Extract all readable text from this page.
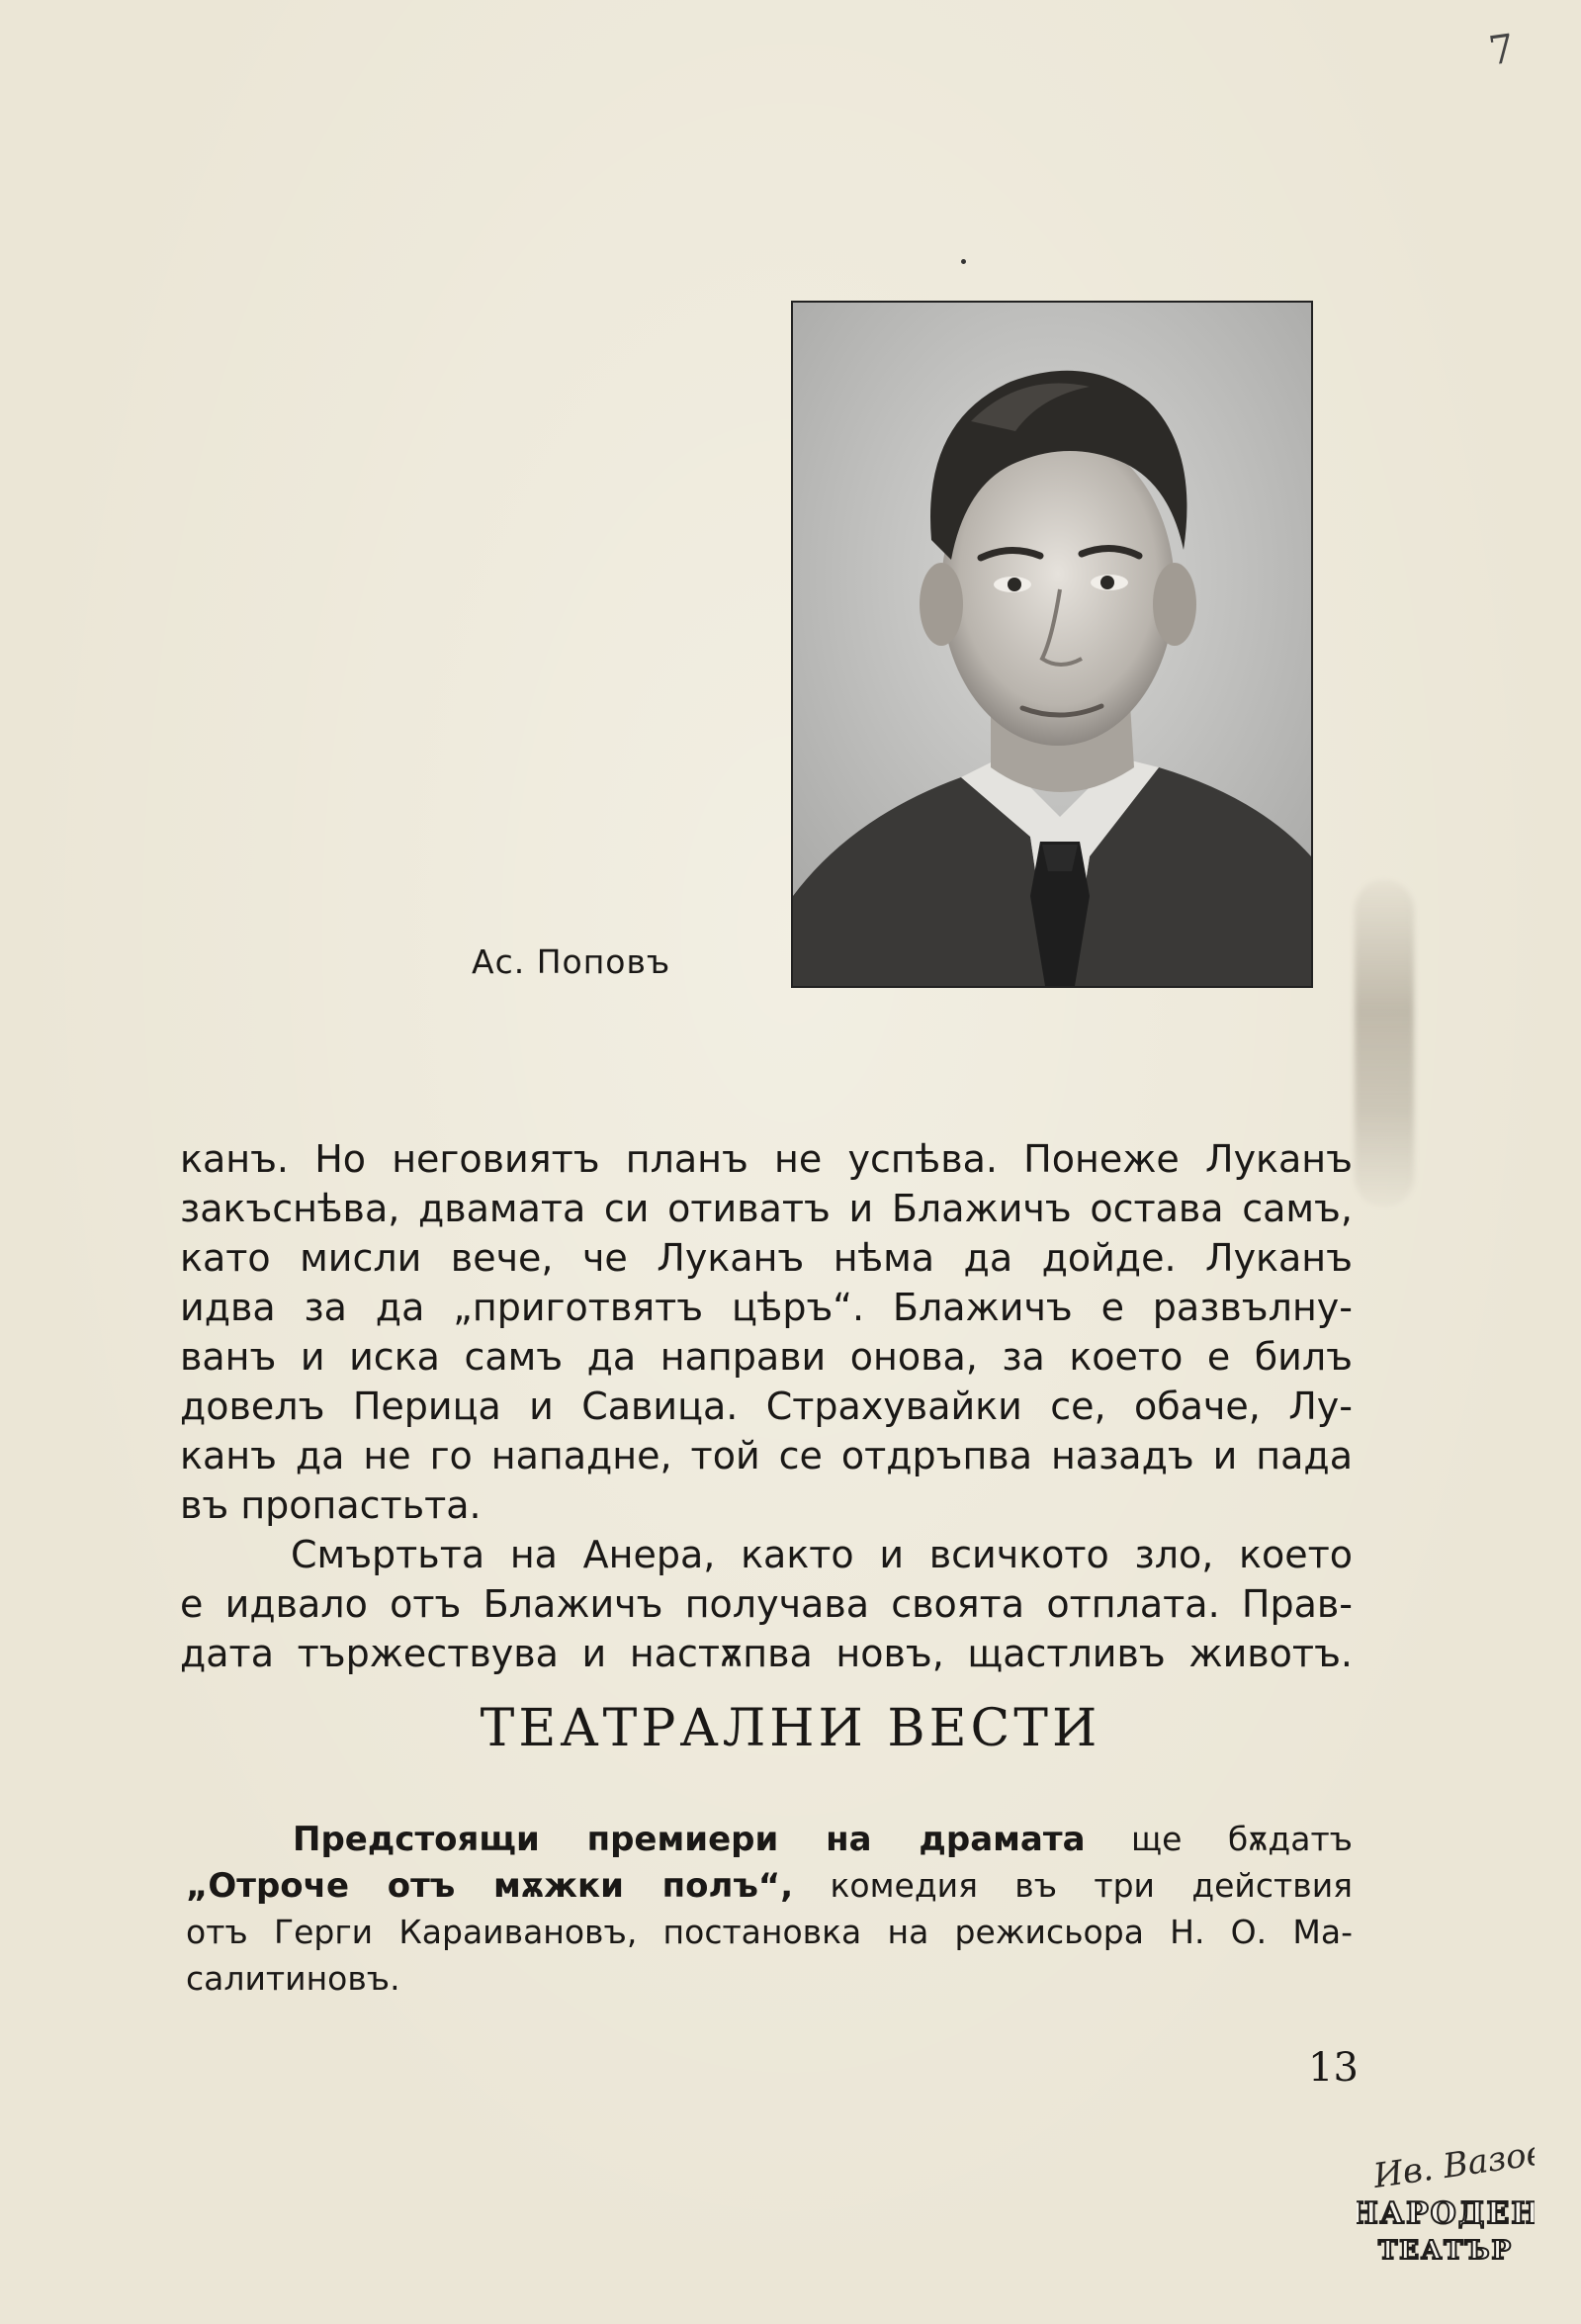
7
Ас. Поповъ
канъ. Но неговиятъ планъ не успѣва. Понеже Луканъ
закъснѣва, двамата си отиватъ и Блажичъ остава самъ,
като мисли вече, че Луканъ нѣма да дойде. Луканъ
идва за да „приготвятъ цѣръ“. Блажичъ е развълну-
ванъ и иска самъ да направи онова, за което е билъ
довелъ Перица и Савица. Страхувайки се, обаче, Лу-
канъ да не го нападне, той се отдръпва назадъ и пада
въ пропастьта.
Смъртьта на Анера, както и всичкото зло, което
е идвало отъ Блажичъ получава своята отплата. Прав-
дата тържествува и настѫпва новъ, щастливъ животъ.
ТЕАТРАЛНИ ВЕСТИ
Предстоящи премиери на драмата ще бѫдатъ
„Отроче отъ мѫжки полъ“, комедия въ три действия
отъ Герги Караивановъ, постановка на режисьора Н. О. Ма-
салитиновъ.
13
Ив. Вазов
НАРОДЕН
ТЕАТЪР
